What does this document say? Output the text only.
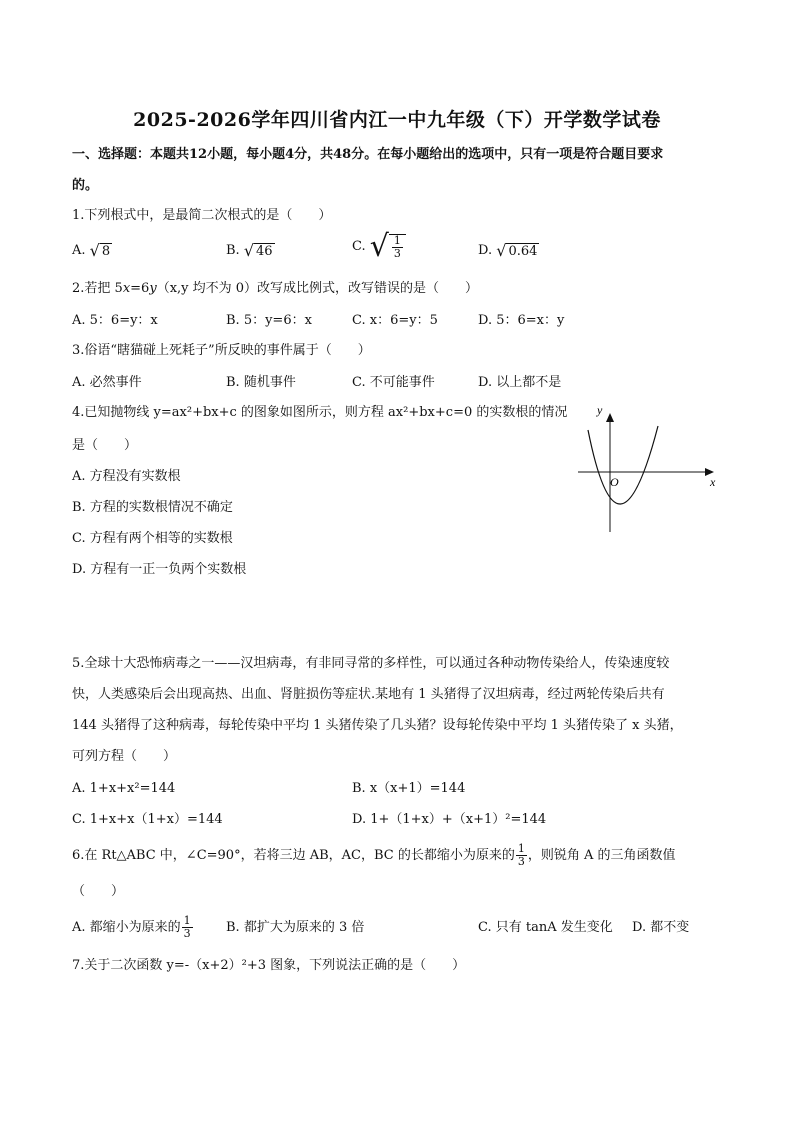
2025-2026学年四川省内江一中九年级（下）开学数学试卷
一、选择题：本题共12小题，每小题4分，共48分。在每小题给出的选项中，只有一项是符合题目要求
的。
1.下列根式中，是最简二次根式的是（　　）
A. √ 8	B. √ 46	C. √ $\frac{1}{3}$	D. √ 0.64
2.若把 5x=6y（x,y 均不为 0）改写成比例式，改写错误的是（　　）
A. 5：6=y：x	B. 5：y=6：x	C. x：6=y：5	D. 5：6=x：y
3.俗语“瞎猫碰上死耗子”所反映的事件属于（　　）
A. 必然事件	B. 随机事件	C. 不可能事件	D. 以上都不是
4.已知抛物线 y=ax²+bx+c 的图象如图所示，则方程 ax²+bx+c=0 的实数根的情况
是（　　）
A. 方程没有实数根
B. 方程的实数根情况不确定
C. 方程有两个相等的实数根
D. 方程有一正一负两个实数根
y
x
O
5.全球十大恐怖病毒之一——汉坦病毒，有非同寻常的多样性，可以通过各种动物传染给人，传染速度较
快，人类感染后会出现高热、出血、肾脏损伤等症状.某地有 1 头猪得了汉坦病毒，经过两轮传染后共有
144 头猪得了这种病毒，每轮传染中平均 1 头猪传染了几头猪？设每轮传染中平均 1 头猪传染了 x 头猪，
可列方程（　　）
A. 1+x+x²=144	B. x（x+1）=144
C. 1+x+x（1+x）=144	D. 1+（1+x）+（x+1）²=144
6.在 Rt△ABC 中，∠C=90°，若将三边 AB，AC，BC 的长都缩小为原来的 $\frac{1}{3}$ ，则锐角 A 的三角函数值
（　　）
A. 都缩小为原来的 $\frac{1}{3}$	B. 都扩大为原来的 3 倍	C. 只有 tanA 发生变化 D. 都不变
7.关于二次函数 y=-（x+2）²+3 图象，下列说法正确的是（　　）
